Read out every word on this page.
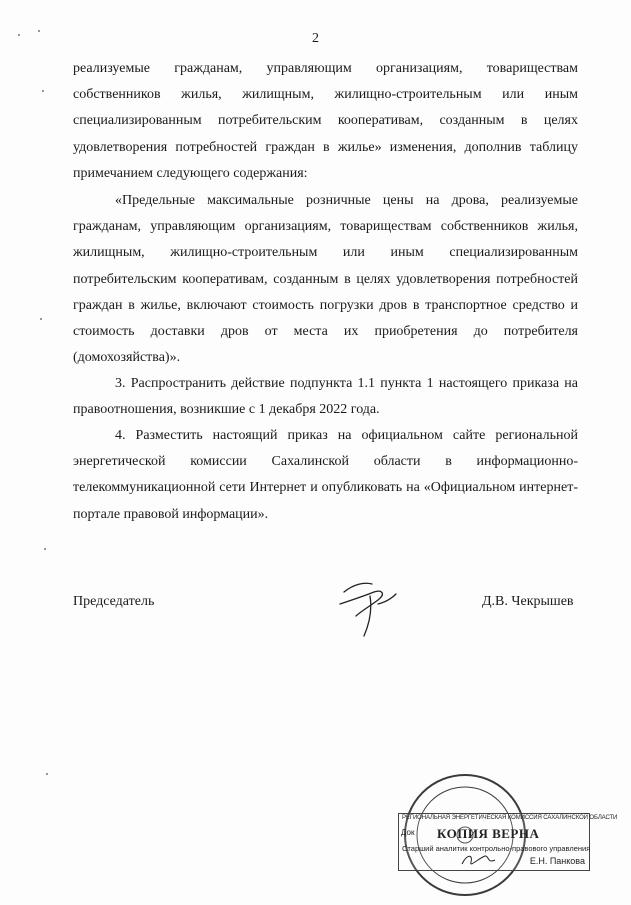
2

реализуемые гражданам, управляющим организациям, товариществам собственников жилья, жилищным, жилищно-строительным или иным специализированным потребительским кооперативам, созданным в целях удовлетворения потребностей граждан в жилье» изменения, дополнив таблицу примечанием следующего содержания:

«Предельные максимальные розничные цены на дрова, реализуемые гражданам, управляющим организациям, товариществам собственников жилья, жилищным, жилищно-строительным или иным специализированным потребительским кооперативам, созданным в целях удовлетворения потребностей граждан в жилье, включают стоимость погрузки дров в транспортное средство и стоимость доставки дров от места их приобретения до потребителя (домохозяйства)».

3. Распространить действие подпункта 1.1 пункта 1 настоящего приказа на правоотношения, возникшие с 1 декабря 2022 года.

4. Разместить настоящий приказ на официальном сайте региональной энергетической комиссии Сахалинской области в информационно-телекоммуникационной сети Интернет и опубликовать на «Официальном интернет-портале правовой информации».

Председатель	Д.В. Чекрышев
РЕГИОНАЛЬНАЯ ЭНЕРГЕТИЧЕСКАЯ КОМИССИЯ САХАЛИНСКОЙ ОБЛАСТИ
Док КОПИЯ ВЕРНА
Старший аналитик контрольно-правового управления
Е.Н. Панкова
